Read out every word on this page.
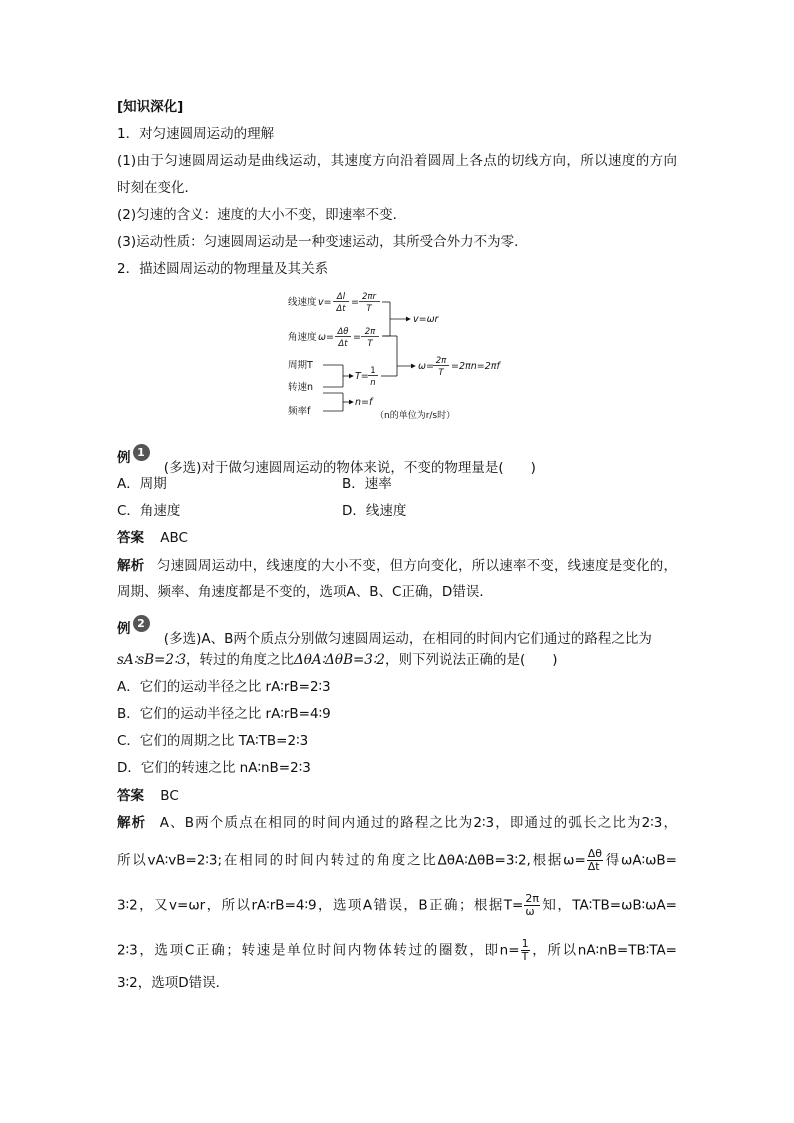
[知识深化]
1．对匀速圆周运动的理解
(1)由于匀速圆周运动是曲线运动，其速度方向沿着圆周上各点的切线方向，所以速度的方向
时刻在变化．
(2)匀速的含义：速度的大小不变，即速率不变．
(3)运动性质：匀速圆周运动是一种变速运动，其所受合外力不为零．
2．描述圆周运动的物理量及其关系
线速度 v= Δl
Δt
= 2πr
T
角速度 ω= Δθ
Δt
= 2π
T
v=ωr
周期T
转速n
频率f
T= 1
n
n=f
ω= 2π
T
=2πn=2πf
（n的单位为r/s时）
例 1 (多选)对于做匀速圆周运动的物体来说，不变的物理量是(　　)
A．周期	B．速率
C．角速度	D．线速度
答案 ABC
解析 匀速圆周运动中，线速度的大小不变，但方向变化，所以速率不变，线速度是变化的，
周期、频率、角速度都是不变的，选项A、B、C正确，D错误．
例 2 (多选)A、B两个质点分别做匀速圆周运动，在相同的时间内它们通过的路程之比为
sA∶sB=2∶3，转过的角度之比ΔθA∶ΔθB=3∶2，则下列说法正确的是(　　)
A．它们的运动半径之比 rA∶rB=2∶3
B．它们的运动半径之比 rA∶rB=4∶9
C．它们的周期之比 TA∶TB=2∶3
D．它们的转速之比 nA∶nB=2∶3
答案 BC
解析 A、B两个质点在相同的时间内通过的路程之比为2∶3，即通过的弧长之比为2∶3，
所以vA∶vB=2∶3;在相同的时间内转过的角度之比ΔθA∶ΔθB=3∶2,根据$\omega= \frac{\Delta\theta}{\Delta t}$ 得ωA∶ωB=
3∶2，又v=ωr，所以rA∶rB=4∶9，选项A错误，B正确；根据$T= \frac{2\pi}{\omega}$ 知，TA∶TB=ωB∶ωA=
2∶3，选项C正确；转速是单位时间内物体转过的圈数，即$n= \frac{1}{T}$ ，所以nA∶nB=TB∶TA=
3∶2，选项D错误．
